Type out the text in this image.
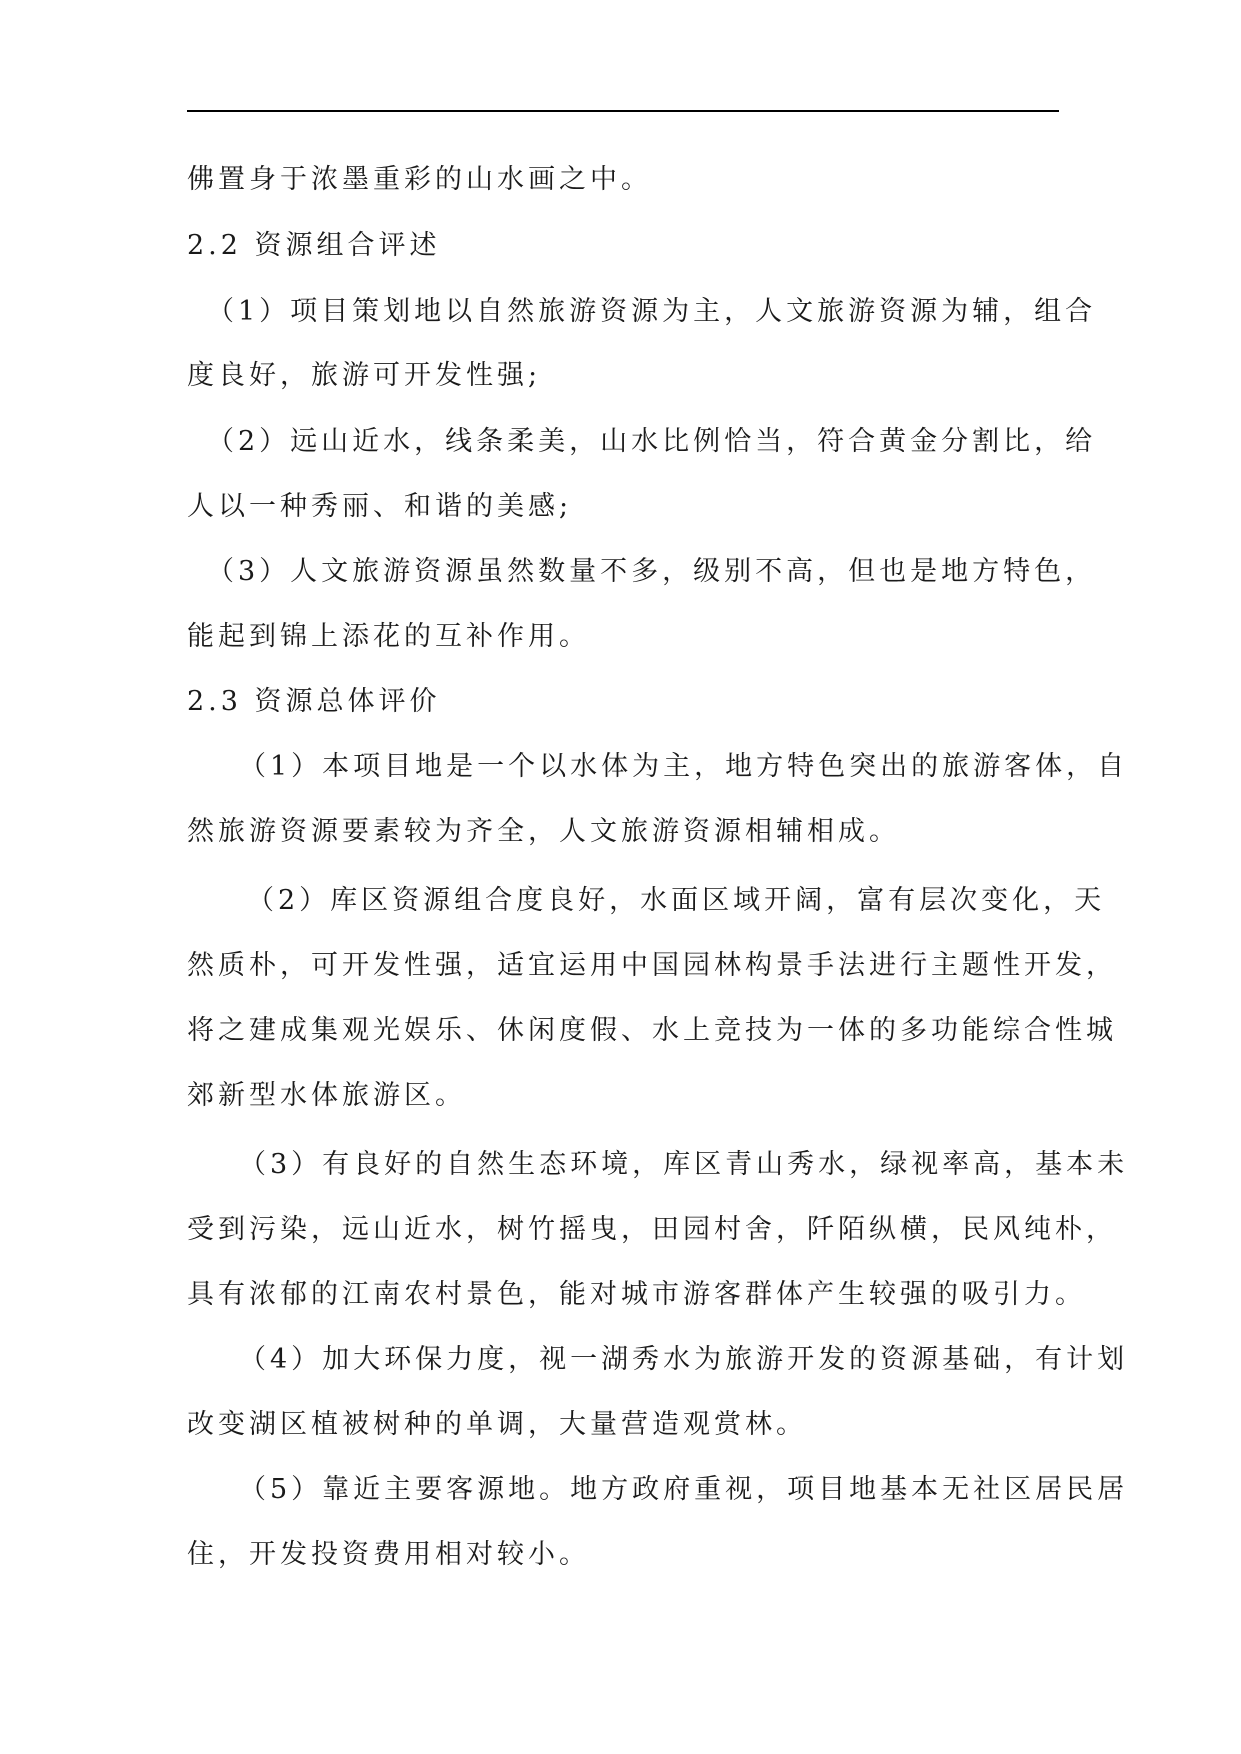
佛置身于浓墨重彩的山水画之中。
2.2 资源组合评述
（1）项目策划地以自然旅游资源为主，人文旅游资源为辅，组合
度良好，旅游可开发性强;
（2）远山近水，线条柔美，山水比例恰当，符合黄金分割比，给
人以一种秀丽、和谐的美感;
（3）人文旅游资源虽然数量不多，级别不高，但也是地方特色，
能起到锦上添花的互补作用。
2.3 资源总体评价
（1）本项目地是一个以水体为主，地方特色突出的旅游客体，自
然旅游资源要素较为齐全，人文旅游资源相辅相成。
（2）库区资源组合度良好，水面区域开阔，富有层次变化，天
然质朴，可开发性强，适宜运用中国园林构景手法进行主题性开发，
将之建成集观光娱乐、休闲度假、水上竞技为一体的多功能综合性城
郊新型水体旅游区。
（3）有良好的自然生态环境，库区青山秀水，绿视率高，基本未
受到污染，远山近水，树竹摇曳，田园村舍，阡陌纵横，民风纯朴，
具有浓郁的江南农村景色，能对城市游客群体产生较强的吸引力。
（4）加大环保力度，视一湖秀水为旅游开发的资源基础，有计划
改变湖区植被树种的单调，大量营造观赏林。
（5）靠近主要客源地。地方政府重视，项目地基本无社区居民居
住，开发投资费用相对较小。
